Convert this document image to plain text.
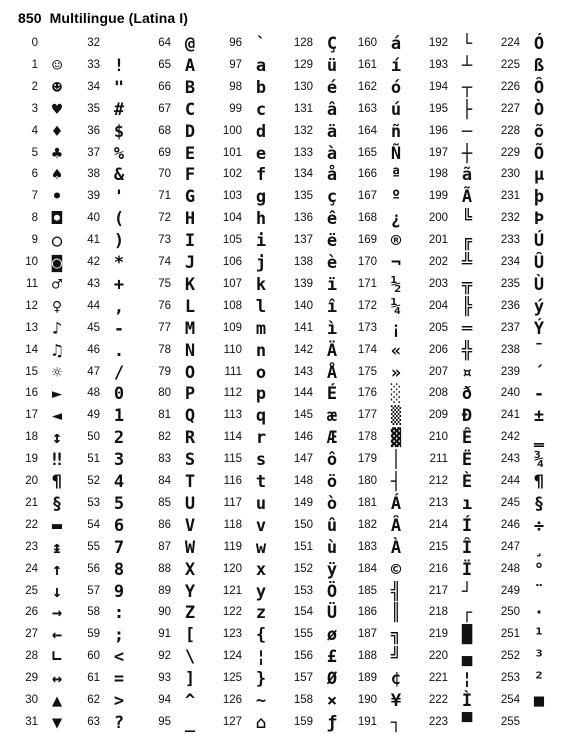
850 Multilingue (Latina I)
0
1 ☺
2 ☻
3 ♥
4 ♦
5 ♣
6 ♠
7 •
8 ◘
9 ○
10 ◙
11 ♂
12 ♀
13 ♪
14 ♫
15 ☼
16 ►
17 ◄
18 ↕
19 ‼
20 ¶
21 §
22 ▬
23 ↨
24 ↑
25 ↓
26 →
27 ←
28 ∟
29 ↔
30 ▲
31 ▼
32
33 !
34 "
35 #
36 $
37 %
38 &
39 '
40 (
41 )
42 *
43 +
44 ,
45 -
46 .
47 /
48 0
49 1
50 2
51 3
52 4
53 5
54 6
55 7
56 8
57 9
58 :
59 ;
60 <
61 =
62 >
63 ?
64 @
65 A
66 B
67 C
68 D
69 E
70 F
71 G
72 H
73 I
74 J
75 K
76 L
77 M
78 N
79 O
80 P
81 Q
82 R
83 S
84 T
85 U
86 V
87 W
88 X
89 Y
90 Z
91 [
92 \
93 ]
94 ^
95 _
96 `
97 a
98 b
99 c
100 d
101 e
102 f
103 g
104 h
105 i
106 j
107 k
108 l
109 m
110 n
111 o
112 p
113 q
114 r
115 s
116 t
117 u
118 v
119 w
120 x
121 y
122 z
123 {
124 ¦
125 }
126 ~
127 ⌂
128 Ç
129 ü
130 é
131 â
132 ä
133 à
134 å
135 ç
136 ê
137 ë
138 è
139 ï
140 î
141 ì
142 Ä
143 Å
144 É
145 æ
146 Æ
147 ô
148 ö
149 ò
150 û
151 ù
152 ÿ
153 Ö
154 Ü
155 ø
156 £
157 Ø
158 ×
159 ƒ
160 á
161 í
162 ó
163 ú
164 ñ
165 Ñ
166 ª
167 º
168 ¿
169 ®
170 ¬
171 ½
172 ¼
173 ¡
174 «
175 »
176 ░
177 ▒
178 ▓
179 │
180 ┤
181 Á
182 Â
183 À
184 ©
185 ╣
186 ║
187 ╗
188 ╝
189 ¢
190 ¥
191 ┐
192 └
193 ┴
194 ┬
195 ├
196 ─
197 ┼
198 ã
199 Ã
200 ╚
201 ╔
202 ╩
203 ╦
204 ╠
205 ═
206 ╬
207 ¤
208 ð
209 Ð
210 Ê
211 Ë
212 È
213 ı
214 Í
215 Î
216 Ï
217 ┘
218 ┌
219 █
220 ▄
221 ¦
222 Ì
223 ▀
224 Ó
225 ß
226 Ô
227 Ò
228 õ
229 Õ
230 µ
231 þ
232 Þ
233 Ú
234 Û
235 Ù
236 ý
237 Ý
238 ¯
239 ´
240 -
241 ±
242 ‗
243 ¾
244 ¶
245 §
246 ÷
247 ¸
248 °
249 ¨
250 ·
251 ¹
252 ³
253 ²
254 ■
255
